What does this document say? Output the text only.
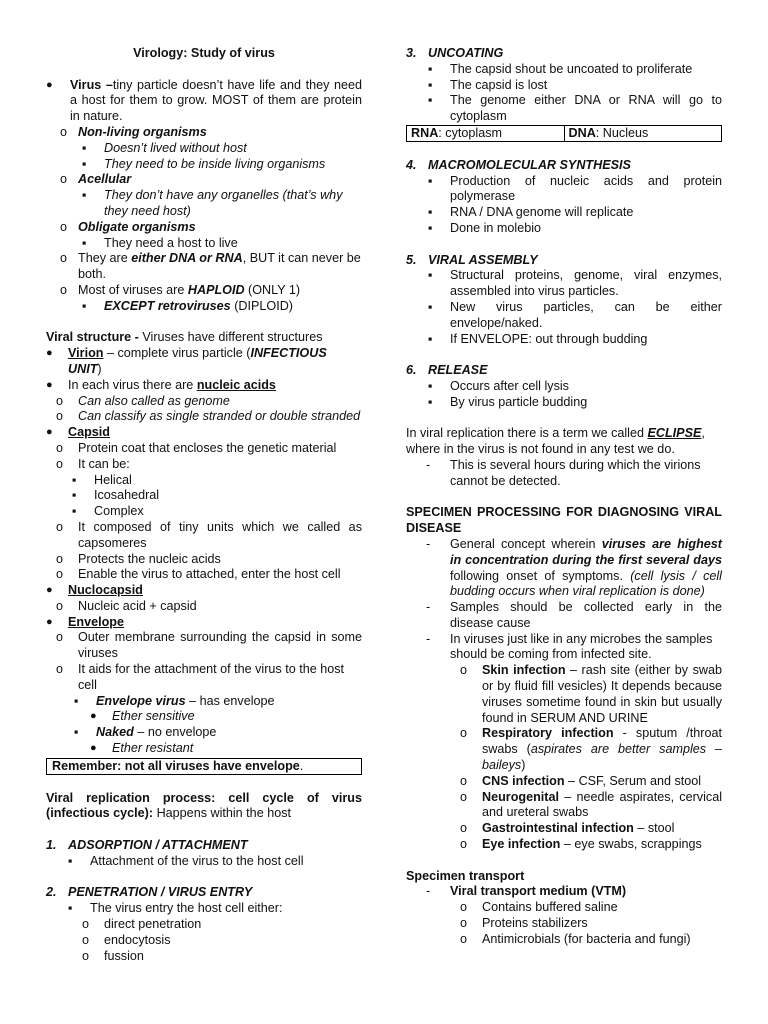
Virology: Study of virus

● Virus –tiny particle doesn’t have life and they need a host for them to grow. MOST of them are protein in nature.
o Non-living organisms
▪ Doesn’t lived without host
▪ They need to be inside living organisms
o Acellular
▪ They don’t have any organelles (that’s why they need host)
o Obligate organisms
▪ They need a host to live
o They are either DNA or RNA, BUT it can never be both.
o Most of viruses are HAPLOID (ONLY 1)
▪ EXCEPT retroviruses (DIPLOID)
Viral structure - Viruses have different structures
● Virion – complete virus particle (INFECTIOUS UNIT)
● In each virus there are nucleic acids
o Can also called as genome
o Can classify as single stranded or double stranded
● Capsid
o Protein coat that encloses the genetic material
o It can be:
▪ Helical
▪ Icosahedral
▪ Complex
o It composed of tiny units which we called as capsomeres
o Protects the nucleic acids
o Enable the virus to attached, enter the host cell
● Nuclocapsid
o Nucleic acid + capsid
● Envelope
o Outer membrane surrounding the capsid in some viruses
o It aids for the attachment of the virus to the host cell
▪ Envelope virus – has envelope
● Ether sensitive
▪ Naked – no envelope
● Ether resistant
Remember: not all viruses have envelope.
Viral replication process: cell cycle of virus (infectious cycle): Happens within the host
1. ADSORPTION / ATTACHMENT
▪ Attachment of the virus to the host cell
2. PENETRATION / VIRUS ENTRY
▪ The virus entry the host cell either:
o direct penetration
o endocytosis
o fussion
3. UNCOATING
▪ The capsid shout be uncoated to proliferate
▪ The capsid is lost
▪ The genome either DNA or RNA will go to cytoplasm
RNA: cytoplasm	DNA: Nucleus
4. MACROMOLECULAR SYNTHESIS
▪ Production of nucleic acids and protein polymerase
▪ RNA / DNA genome will replicate
▪ Done in molebio
5. VIRAL ASSEMBLY
▪ Structural proteins, genome, viral enzymes, assembled into virus particles.
▪ New virus particles, can be either envelope/naked.
▪ If ENVELOPE: out through budding
6. RELEASE
▪ Occurs after cell lysis
▪ By virus particle budding
In viral replication there is a term we called ECLIPSE, where in the virus is not found in any test we do.
- This is several hours during which the virions cannot be detected.
SPECIMEN PROCESSING FOR DIAGNOSING VIRAL DISEASE
- General concept wherein viruses are highest in concentration during the first several days following onset of symptoms. (cell lysis / cell budding occurs when viral replication is done)
- Samples should be collected early in the disease cause
- In viruses just like in any microbes the samples should be coming from infected site.
o Skin infection – rash site (either by swab or by fluid fill vesicles) It depends because viruses sometime found in skin but usually found in SERUM AND URINE
o Respiratory infection - sputum /throat swabs (aspirates are better samples – baileys)
o CNS infection – CSF, Serum and stool
o Neurogenital – needle aspirates, cervical and ureteral swabs
o Gastrointestinal infection – stool
o Eye infection – eye swabs, scrappings
Specimen transport
- Viral transport medium (VTM)
o Contains buffered saline
o Proteins stabilizers
o Antimicrobials (for bacteria and fungi)
